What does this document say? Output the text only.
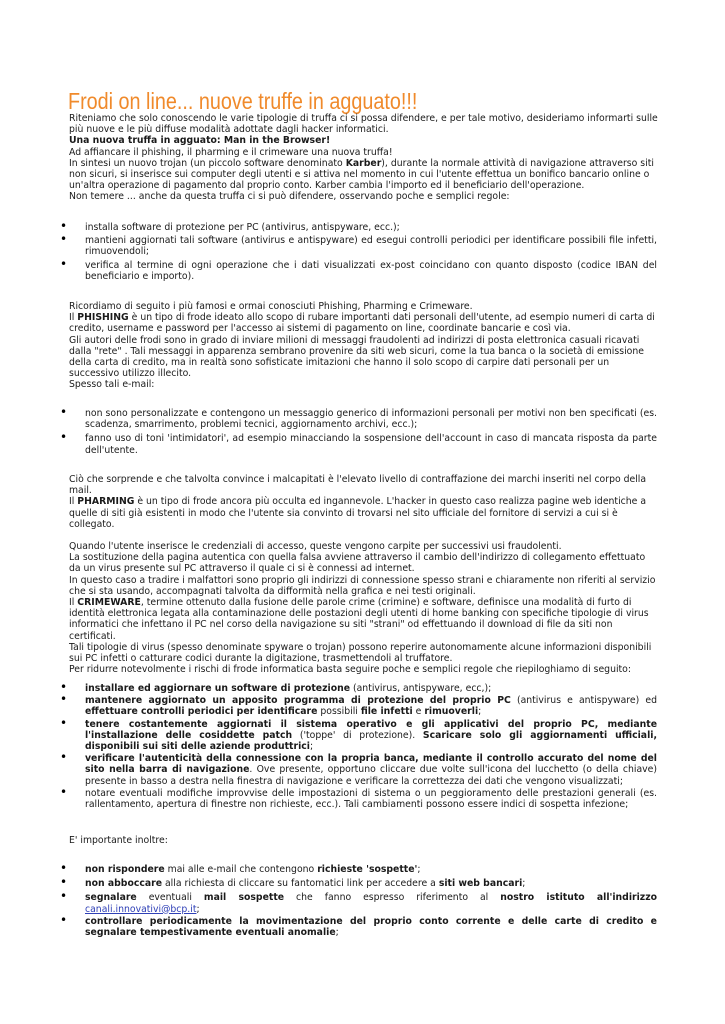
Frodi on line... nuove truffe in agguato!!!

Riteniamo che solo conoscendo le varie tipologie di truffa ci si possa difendere, e per tale motivo, desideriamo informarti sulle più nuove e le più diffuse modalità adottate dagli hacker informatici.

Una nuova truffa in agguato: Man in the Browser!

Ad affiancare il phishing, il pharming e il crimeware una nuova truffa!

In sintesi un nuovo trojan (un piccolo software denominato Karber), durante la normale attività di navigazione attraverso siti non sicuri, si inserisce sui computer degli utenti e si attiva nel momento in cui l'utente effettua un bonifico bancario online o un'altra operazione di pagamento dal proprio conto. Karber cambia l'importo ed il beneficiario dell'operazione.

Non temere ... anche da questa truffa ci si può difendere, osservando poche e semplici regole:

• installa software di protezione per PC (antivirus, antispyware, ecc.);
• mantieni aggiornati tali software (antivirus e antispyware) ed esegui controlli periodici per identificare possibili file infetti, rimuovendoli;
• verifica al termine di ogni operazione che i dati visualizzati ex-post coincidano con quanto disposto (codice IBAN del beneficiario e importo).

Ricordiamo di seguito i più famosi e ormai conosciuti Phishing, Pharming e Crimeware.

Il PHISHING è un tipo di frode ideato allo scopo di rubare importanti dati personali dell'utente, ad esempio numeri di carta di credito, username e password per l'accesso ai sistemi di pagamento on line, coordinate bancarie e così via.

Gli autori delle frodi sono in grado di inviare milioni di messaggi fraudolenti ad indirizzi di posta elettronica casuali ricavati dalla "rete" . Tali messaggi in apparenza sembrano provenire da siti web sicuri, come la tua banca o la società di emissione della carta di credito, ma in realtà sono sofisticate imitazioni che hanno il solo scopo di carpire dati personali per un successivo utilizzo illecito.

Spesso tali e-mail:

• non sono personalizzate e contengono un messaggio generico di informazioni personali per motivi non ben specificati (es. scadenza, smarrimento, problemi tecnici, aggiornamento archivi, ecc.);
• fanno uso di toni 'intimidatori', ad esempio minacciando la sospensione dell'account in caso di mancata risposta da parte dell'utente.

Ciò che sorprende e che talvolta convince i malcapitati è l'elevato livello di contraffazione dei marchi inseriti nel corpo della mail.

Il PHARMING è un tipo di frode ancora più occulta ed ingannevole. L'hacker in questo caso realizza pagine web identiche a quelle di siti già esistenti in modo che l'utente sia convinto di trovarsi nel sito ufficiale del fornitore di servizi a cui si è collegato.

Quando l'utente inserisce le credenziali di accesso, queste vengono carpite per successivi usi fraudolenti.

La sostituzione della pagina autentica con quella falsa avviene attraverso il cambio dell'indirizzo di collegamento effettuato da un virus presente sul PC attraverso il quale ci si è connessi ad internet.

In questo caso a tradire i malfattori sono proprio gli indirizzi di connessione spesso strani e chiaramente non riferiti al servizio che si sta usando, accompagnati talvolta da difformità nella grafica e nei testi originali.

Il CRIMEWARE, termine ottenuto dalla fusione delle parole crime (crimine) e software, definisce una modalità di furto di identità elettronica legata alla contaminazione delle postazioni degli utenti di home banking con specifiche tipologie di virus informatici che infettano il PC nel corso della navigazione su siti "strani" od effettuando il download di file da siti non certificati.

Tali tipologie di virus (spesso denominate spyware o trojan) possono reperire autonomamente alcune informazioni disponibili sui PC infetti o catturare codici durante la digitazione, trasmettendoli al truffatore.

Per ridurre notevolmente i rischi di frode informatica basta seguire poche e semplici regole che riepiloghiamo di seguito:

• installare ed aggiornare un software di protezione (antivirus, antispyware, ecc,);
• mantenere aggiornato un apposito programma di protezione del proprio PC (antivirus e antispyware) ed effettuare controlli periodici per identificare possibili file infetti e rimuoverli;
• tenere costantemente aggiornati il sistema operativo e gli applicativi del proprio PC, mediante l'installazione delle cosiddette patch ('toppe' di protezione). Scaricare solo gli aggiornamenti ufficiali, disponibili sui siti delle aziende produttrici;
• verificare l'autenticità della connessione con la propria banca, mediante il controllo accurato del nome del sito nella barra di navigazione. Ove presente, opportuno cliccare due volte sull'icona del lucchetto (o della chiave) presente in basso a destra nella finestra di navigazione e verificare la correttezza dei dati che vengono visualizzati;
• notare eventuali modifiche improvvise delle impostazioni di sistema o un peggioramento delle prestazioni generali (es. rallentamento, apertura di finestre non richieste, ecc.). Tali cambiamenti possono essere indici di sospetta infezione;
E' importante inoltre:
• non rispondere mai alle e-mail che contengono richieste 'sospette';
• non abboccare alla richiesta di cliccare su fantomatici link per accedere a siti web bancari;
• segnalare eventuali mail sospette che fanno espresso riferimento al nostro istituto all'indirizzo canali.innovativi@bcp.it;
• controllare periodicamente la movimentazione del proprio conto corrente e delle carte di credito e segnalare tempestivamente eventuali anomalie;
